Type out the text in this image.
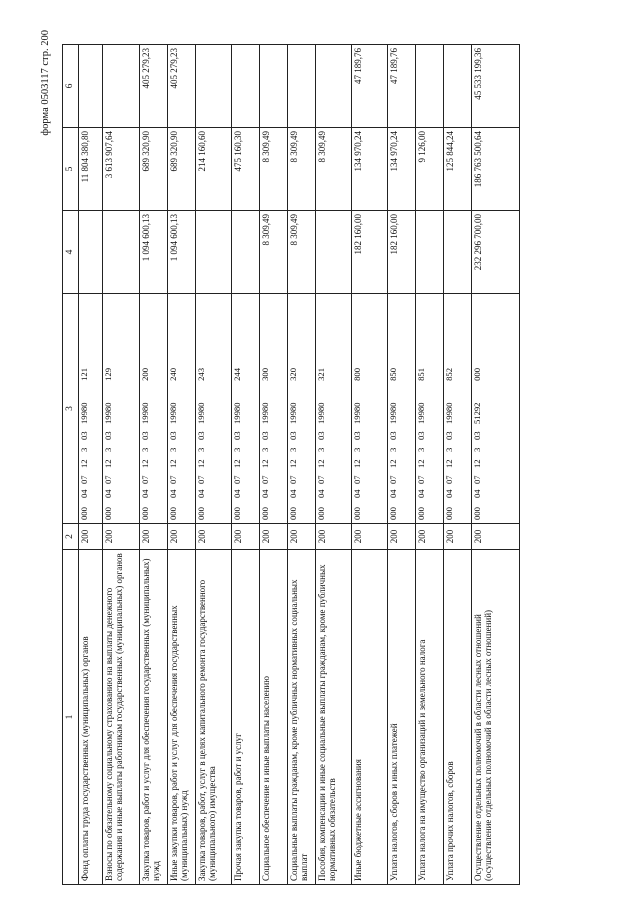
форма 0503117 стр. 200
1	2	3	4	5	6
Фонд оплаты труда государственных (муниципальных) органов	200	00004071230319980121		11 804 380,80	
Взносы по обязательному социальному страхованию на выплаты денежного содержания и иные выплаты работникам государственных (муниципальных) органов	200	00004071230319980129		3 613 907,64	
Закупка товаров, работ и услуг для обеспечения государственных (муниципальных) нужд	200	00004071230319980200	1 094 600,13	689 320,90	405 279,23
Иные закупки товаров, работ и услуг для обеспечения государственных (муниципальных) нужд	200	00004071230319980240	1 094 600,13	689 320,90	405 279,23
Закупка товаров, работ, услуг в целях капитального ремонта государственного (муниципального) имущества	200	00004071230319980243		214 160,60	
Прочая закупка товаров, работ и услуг	200	00004071230319980244		475 160,30	
Социальное обеспечение и иные выплаты населению	200	00004071230319980300	8 309,49	8 309,49	
Социальные выплаты гражданам, кроме публичных нормативных социальных выплат	200	00004071230319980320	8 309,49	8 309,49	
Пособия, компенсации и иные социальные выплаты гражданам, кроме публичных нормативных обязательств	200	00004071230319980321		8 309,49	
Иные бюджетные ассигнования	200	00004071230319980800	182 160,00	134 970,24	47 189,76
Уплата налогов, сборов и иных платежей	200	00004071230319980850	182 160,00	134 970,24	47 189,76
Уплата налога на имущество организаций и земельного налога	200	00004071230319980851		9 126,00	
Уплата прочих налогов, сборов	200	00004071230319980852		125 844,24	
Осуществление отдельных полномочий в области лесных отношений (осуществление отдельных полномочий в области лесных отношений)	200	00004071230351292000	232 296 700,00	186 763 500,64	45 533 199,36
